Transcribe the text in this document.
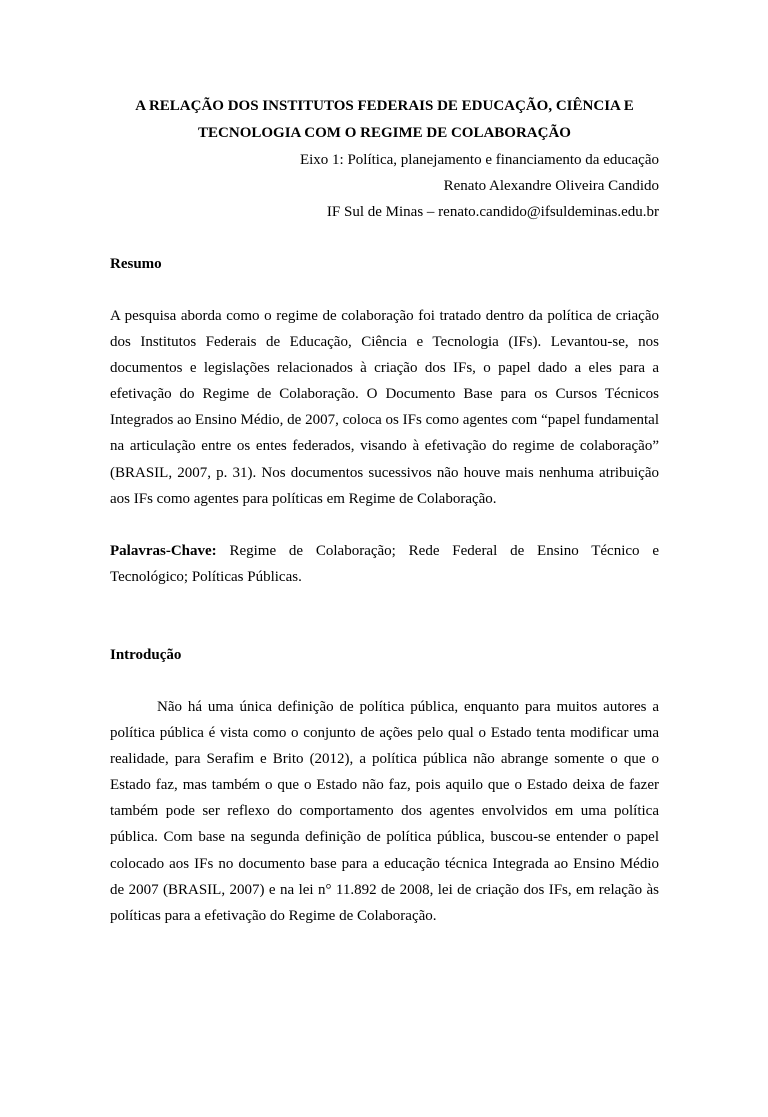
A RELAÇÃO DOS INSTITUTOS FEDERAIS DE EDUCAÇÃO, CIÊNCIA E
TECNOLOGIA COM O REGIME DE COLABORAÇÃO
Eixo 1: Política, planejamento e financiamento da educação
Renato Alexandre Oliveira Candido
IF Sul de Minas – renato.candido@ifsuldeminas.edu.br
Resumo

A pesquisa aborda como o regime de colaboração foi tratado dentro da política de criação dos Institutos Federais de Educação, Ciência e Tecnologia (IFs). Levantou-se, nos documentos e legislações relacionados à criação dos IFs, o papel dado a eles para a efetivação do Regime de Colaboração. O Documento Base para os Cursos Técnicos Integrados ao Ensino Médio, de 2007, coloca os IFs como agentes com “papel fundamental na articulação entre os entes federados, visando à efetivação do regime de colaboração” (BRASIL, 2007, p. 31). Nos documentos sucessivos não houve mais nenhuma atribuição aos IFs como agentes para políticas em Regime de Colaboração.

Palavras-Chave: Regime de Colaboração; Rede Federal de Ensino Técnico e Tecnológico; Políticas Públicas.

Introdução

Não há uma única definição de política pública, enquanto para muitos autores a política pública é vista como o conjunto de ações pelo qual o Estado tenta modificar uma realidade, para Serafim e Brito (2012), a política pública não abrange somente o que o Estado faz, mas também o que o Estado não faz, pois aquilo que o Estado deixa de fazer também pode ser reflexo do comportamento dos agentes envolvidos em uma política pública. Com base na segunda definição de política pública, buscou-se entender o papel colocado aos IFs no documento base para a educação técnica Integrada ao Ensino Médio de 2007 (BRASIL, 2007) e na lei n° 11.892 de 2008, lei de criação dos IFs, em relação às políticas para a efetivação do Regime de Colaboração.
